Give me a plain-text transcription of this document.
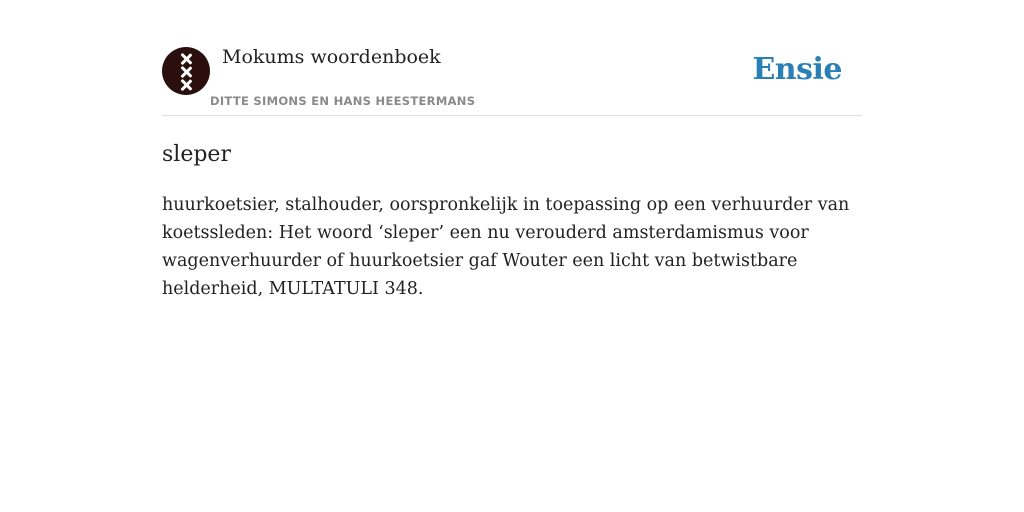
Mokums woordenboek
DITTE SIMONS EN HANS HEESTERMANS
Ensie
sleper

huurkoetsier, stalhouder, oorspronkelijk in toepassing op een verhuurder van koetssleden: Het woord ‘sleper’ een nu verouderd amsterdamismus voor wagenverhuurder of huurkoetsier gaf Wouter een licht van betwistbare helderheid, MULTATULI 348.
